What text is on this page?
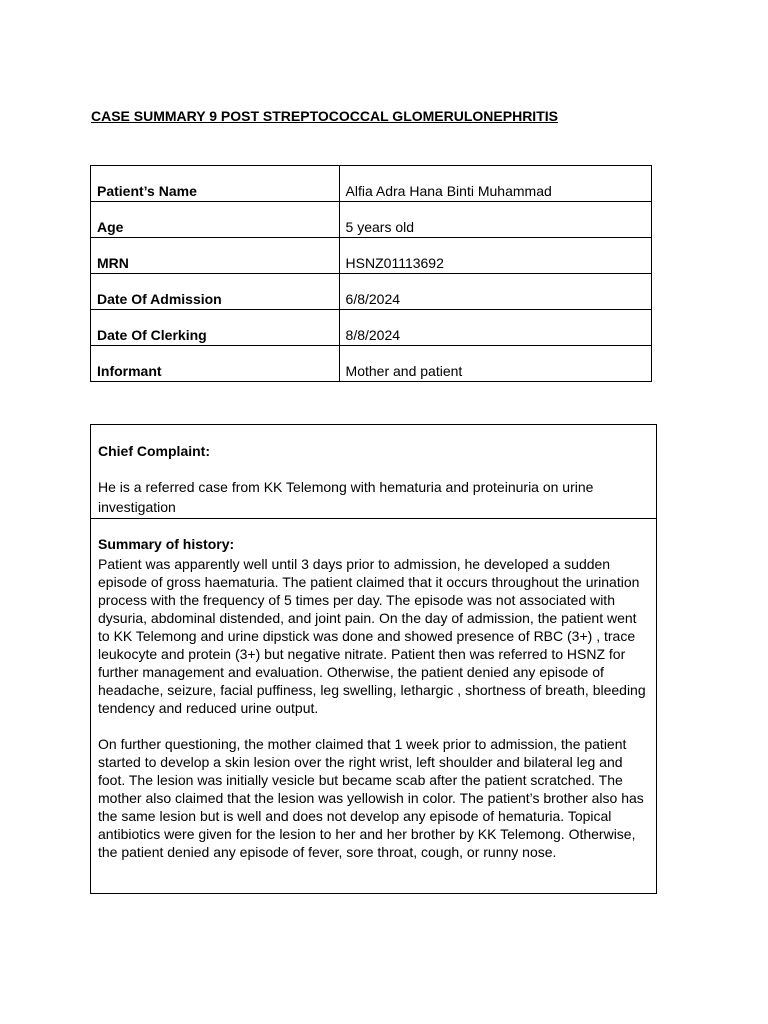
CASE SUMMARY 9 POST STREPTOCOCCAL GLOMERULONEPHRITIS
Patient’s Name	Alfia Adra Hana Binti Muhammad
Age	5 years old
MRN	HSNZ01113692
Date Of Admission	6/8/2024
Date Of Clerking	8/8/2024
Informant	Mother and patient
Chief Complaint:

He is a referred case from KK Telemong with hematuria and proteinuria on urine investigation

Summary of history:

Patient was apparently well until 3 days prior to admission, he developed a sudden episode of gross haematuria. The patient claimed that it occurs throughout the urination process with the frequency of 5 times per day. The episode was not associated with dysuria, abdominal distended, and joint pain. On the day of admission, the patient went to KK Telemong and urine dipstick was done and showed presence of RBC (3+) , trace leukocyte and protein (3+) but negative nitrate. Patient then was referred to HSNZ for further management and evaluation. Otherwise, the patient denied any episode of headache, seizure, facial puffiness, leg swelling, lethargic , shortness of breath, bleeding tendency and reduced urine output.

On further questioning, the mother claimed that 1 week prior to admission, the patient started to develop a skin lesion over the right wrist, left shoulder and bilateral leg and foot. The lesion was initially vesicle but became scab after the patient scratched. The mother also claimed that the lesion was yellowish in color. The patient’s brother also has the same lesion but is well and does not develop any episode of hematuria. Topical antibiotics were given for the lesion to her and her brother by KK Telemong. Otherwise, the patient denied any episode of fever, sore throat, cough, or runny nose.
